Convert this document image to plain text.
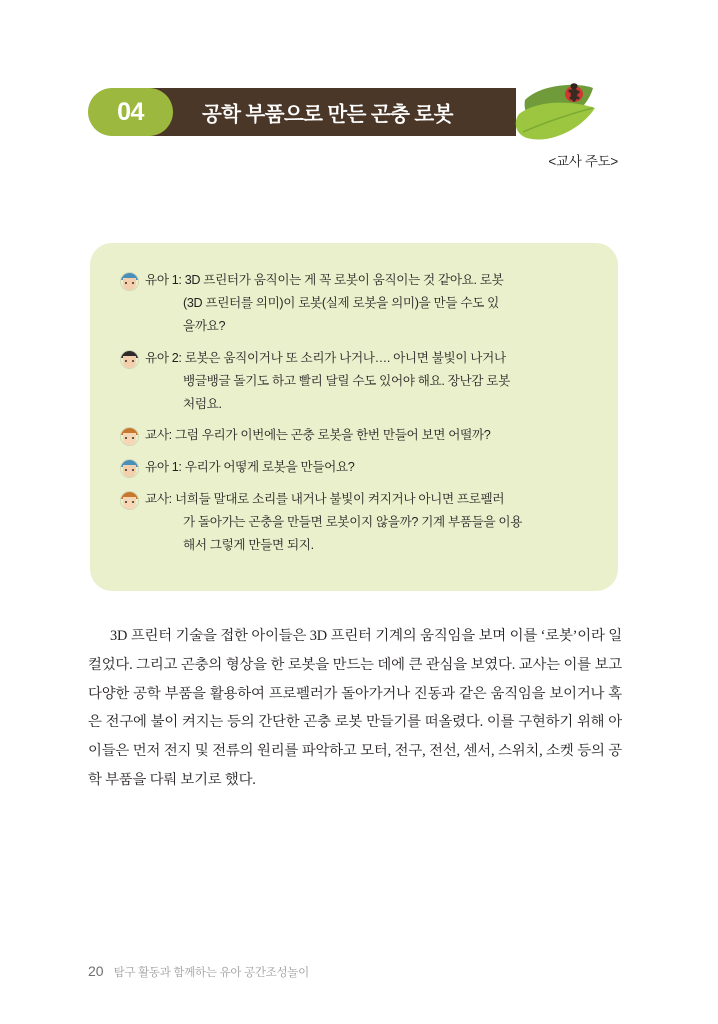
공학 부품으로 만든 곤충 로봇
04
<교사 주도>
유아 1: 3D 프린터가 움직이는 게 꼭 로봇이 움직이는 것 같아요. 로봇
(3D 프린터를 의미)이 로봇(실제 로봇을 의미)을 만들 수도 있
을까요?
유아 2: 로봇은 움직이거나 또 소리가 나거나…. 아니면 불빛이 나거나
뱅글뱅글 돌기도 하고 빨리 달릴 수도 있어야 해요. 장난감 로봇
처럼요.
교사: 그럼 우리가 이번에는 곤충 로봇을 한번 만들어 보면 어떨까?
유아 1: 우리가 어떻게 로봇을 만들어요?
교사: 너희들 말대로 소리를 내거나 불빛이 켜지거나 아니면 프로펠러
가 돌아가는 곤충을 만들면 로봇이지 않을까? 기계 부품들을 이용
해서 그렇게 만들면 되지.
3D 프린터 기술을 접한 아이들은 3D 프린터 기계의 움직임을 보며 이를 ‘로봇’이라 일컬었다. 그리고 곤충의 형상을 한 로봇을 만드는 데에 큰 관심을 보였다. 교사는 이를 보고 다양한 공학 부품을 활용하여 프로펠러가 돌아가거나 진동과 같은 움직임을 보이거나 혹은 전구에 불이 켜지는 등의 간단한 곤충 로봇 만들기를 떠올렸다. 이를 구현하기 위해 아이들은 먼저 전지 및 전류의 원리를 파악하고 모터, 전구, 전선, 센서, 스위치, 소켓 등의 공학 부품을 다뤄 보기로 했다.
20 탐구 활동과 함께하는 유아 공간조성놀이
